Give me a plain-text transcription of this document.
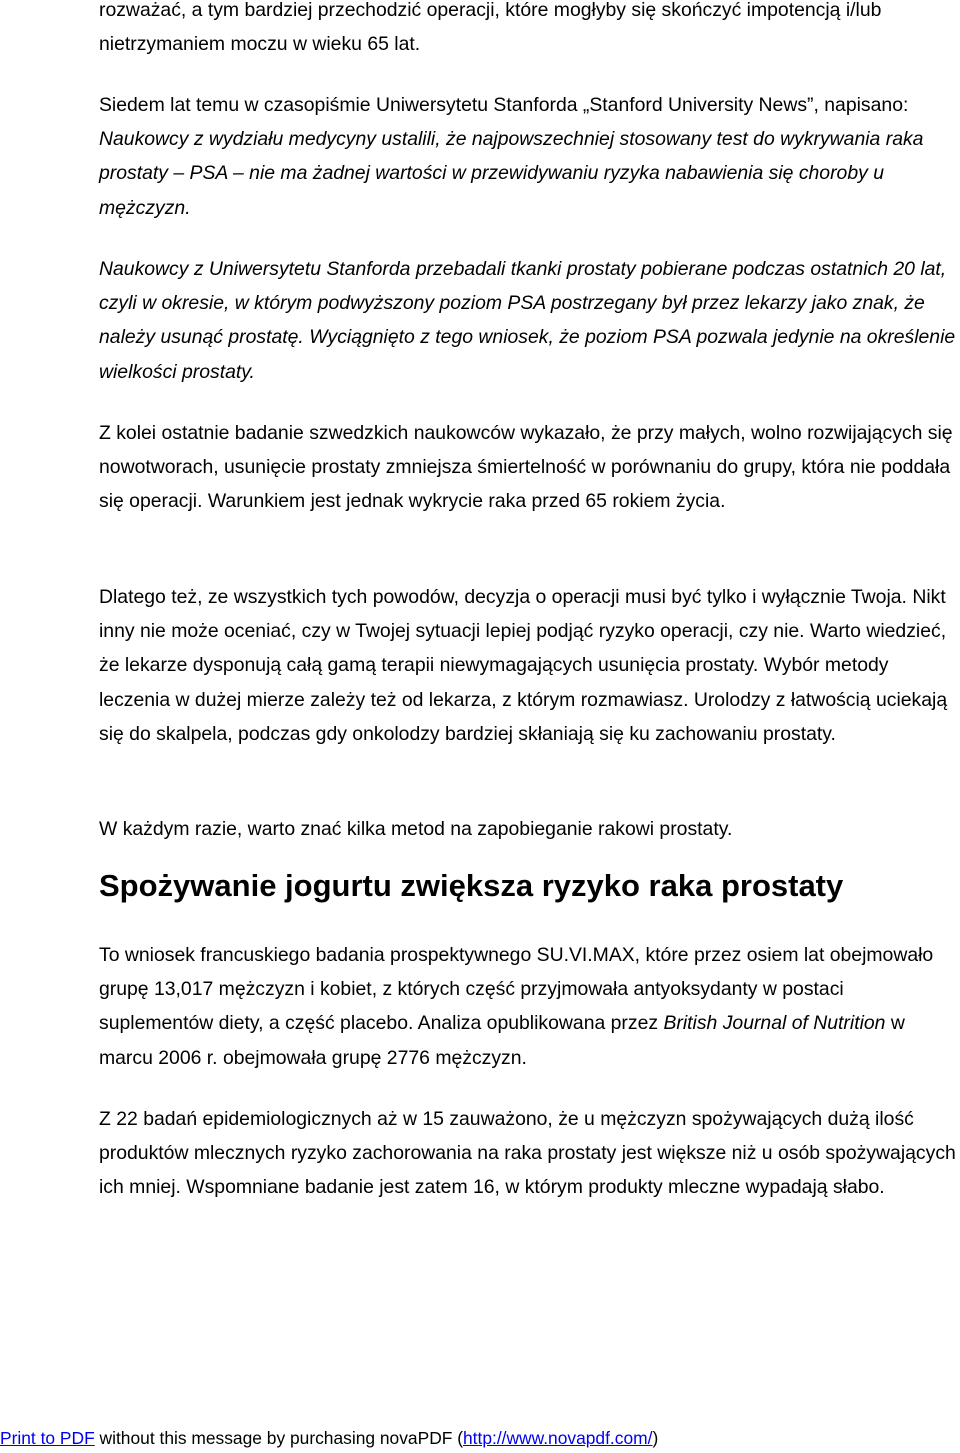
rozważać, a tym bardziej przechodzić operacji, które mogłyby się skończyć impotencją i/lub nietrzymaniem moczu w wieku 65 lat.

Siedem lat temu w czasopiśmie Uniwersytetu Stanforda „Stanford University News”, napisano: Naukowcy z wydziału medycyny ustalili, że najpowszechniej stosowany test do wykrywania raka prostaty – PSA – nie ma żadnej wartości w przewidywaniu ryzyka nabawienia się choroby u mężczyzn.

Naukowcy z Uniwersytetu Stanforda przebadali tkanki prostaty pobierane podczas ostatnich 20 lat, czyli w okresie, w którym podwyższony poziom PSA postrzegany był przez lekarzy jako znak, że należy usunąć prostatę. Wyciągnięto z tego wniosek, że poziom PSA pozwala jedynie na określenie wielkości prostaty.

Z kolei ostatnie badanie szwedzkich naukowców wykazało, że przy małych, wolno rozwijających się nowotworach, usunięcie prostaty zmniejsza śmiertelność w porównaniu do grupy, która nie poddała się operacji. Warunkiem jest jednak wykrycie raka przed 65 rokiem życia.

Dlatego też, ze wszystkich tych powodów, decyzja o operacji musi być tylko i wyłącznie Twoja. Nikt inny nie może oceniać, czy w Twojej sytuacji lepiej podjąć ryzyko operacji, czy nie. Warto wiedzieć, że lekarze dysponują całą gamą terapii niewymagających usunięcia prostaty. Wybór metody leczenia w dużej mierze zależy też od lekarza, z którym rozmawiasz. Urolodzy z łatwością uciekają się do skalpela, podczas gdy onkolodzy bardziej skłaniają się ku zachowaniu prostaty.

W każdym razie, warto znać kilka metod na zapobieganie rakowi prostaty.

Spożywanie jogurtu zwiększa ryzyko raka prostaty

To wniosek francuskiego badania prospektywnego SU.VI.MAX, które przez osiem lat obejmowało grupę 13,017 mężczyzn i kobiet, z których część przyjmowała antyoksydanty w postaci suplementów diety, a część placebo. Analiza opublikowana przez British Journal of Nutrition w marcu 2006 r. obejmowała grupę 2776 mężczyzn.

Z 22 badań epidemiologicznych aż w 15 zauważono, że u mężczyzn spożywających dużą ilość produktów mlecznych ryzyko zachorowania na raka prostaty jest większe niż u osób spożywających ich mniej. Wspomniane badanie jest zatem 16, w którym produkty mleczne wypadają słabo.

Print to PDF without this message by purchasing novaPDF (http://www.novapdf.com/)
